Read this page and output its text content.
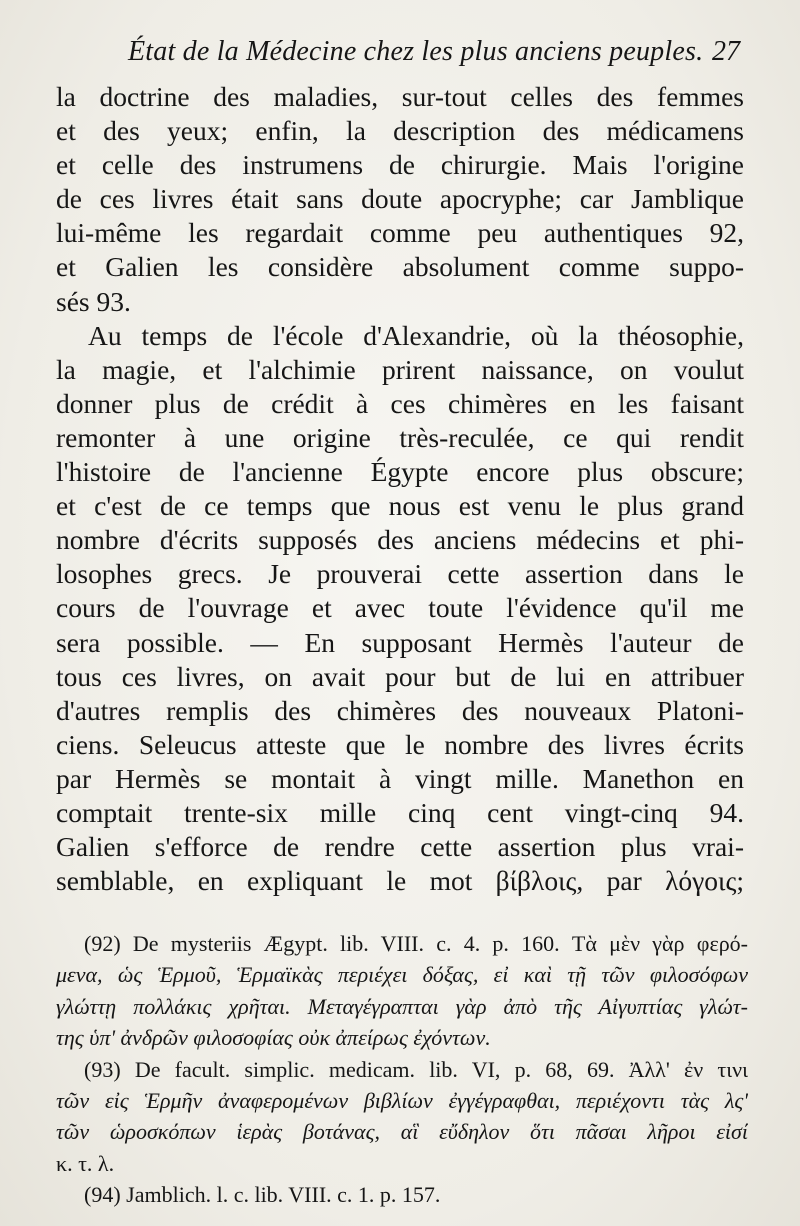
État de la Médecine chez les plus anciens peuples. 27
la doctrine des maladies, sur-tout celles des femmes
et des yeux; enfin, la description des médicamens
et celle des instrumens de chirurgie. Mais l'origine
de ces livres était sans doute apocryphe; car Jamblique
lui-même les regardait comme peu authentiques 92,
et Galien les considère absolument comme suppo-
sés 93.
Au temps de l'école d'Alexandrie, où la théosophie,
la magie, et l'alchimie prirent naissance, on voulut
donner plus de crédit à ces chimères en les faisant
remonter à une origine très-reculée, ce qui rendit
l'histoire de l'ancienne Égypte encore plus obscure;
et c'est de ce temps que nous est venu le plus grand
nombre d'écrits supposés des anciens médecins et phi-
losophes grecs. Je prouverai cette assertion dans le
cours de l'ouvrage et avec toute l'évidence qu'il me
sera possible. — En supposant Hermès l'auteur de
tous ces livres, on avait pour but de lui en attribuer
d'autres remplis des chimères des nouveaux Platoni-
ciens. Seleucus atteste que le nombre des livres écrits
par Hermès se montait à vingt mille. Manethon en
comptait trente-six mille cinq cent vingt-cinq 94.
Galien s'efforce de rendre cette assertion plus vrai-
semblable, en expliquant le mot βίβλοις, par λόγοις;
(92) De mysteriis Ægypt. lib. VIII. c. 4. p. 160. Τὰ μὲν γὰρ φερό-
μενα, ὡς Ἑρμοῦ, Ἑρμαϊκὰς περιέχει δόξας, εἰ καὶ τῇ τῶν φιλοσόφων
γλώττῃ πολλάκις χρῆται. Μεταγέγραπται γὰρ ἀπὸ τῆς Αἰγυπτίας γλώτ-
της ὑπ' ἀνδρῶν φιλοσοφίας οὐκ ἀπείρως ἐχόντων.
(93) De facult. simplic. medicam. lib. VI, p. 68, 69. Ἀλλ' ἐν τινι
τῶν εἰς Ἑρμῆν ἀναφερομένων βιβλίων ἐγγέγραφθαι, περιέχοντι τὰς λς'
τῶν ὡροσκόπων ἱερὰς βοτάνας, αἳ εὔδηλον ὅτι πᾶσαι λῆροι εἰσί
κ. τ. λ.
(94) Jamblich. l. c. lib. VIII. c. 1. p. 157.
